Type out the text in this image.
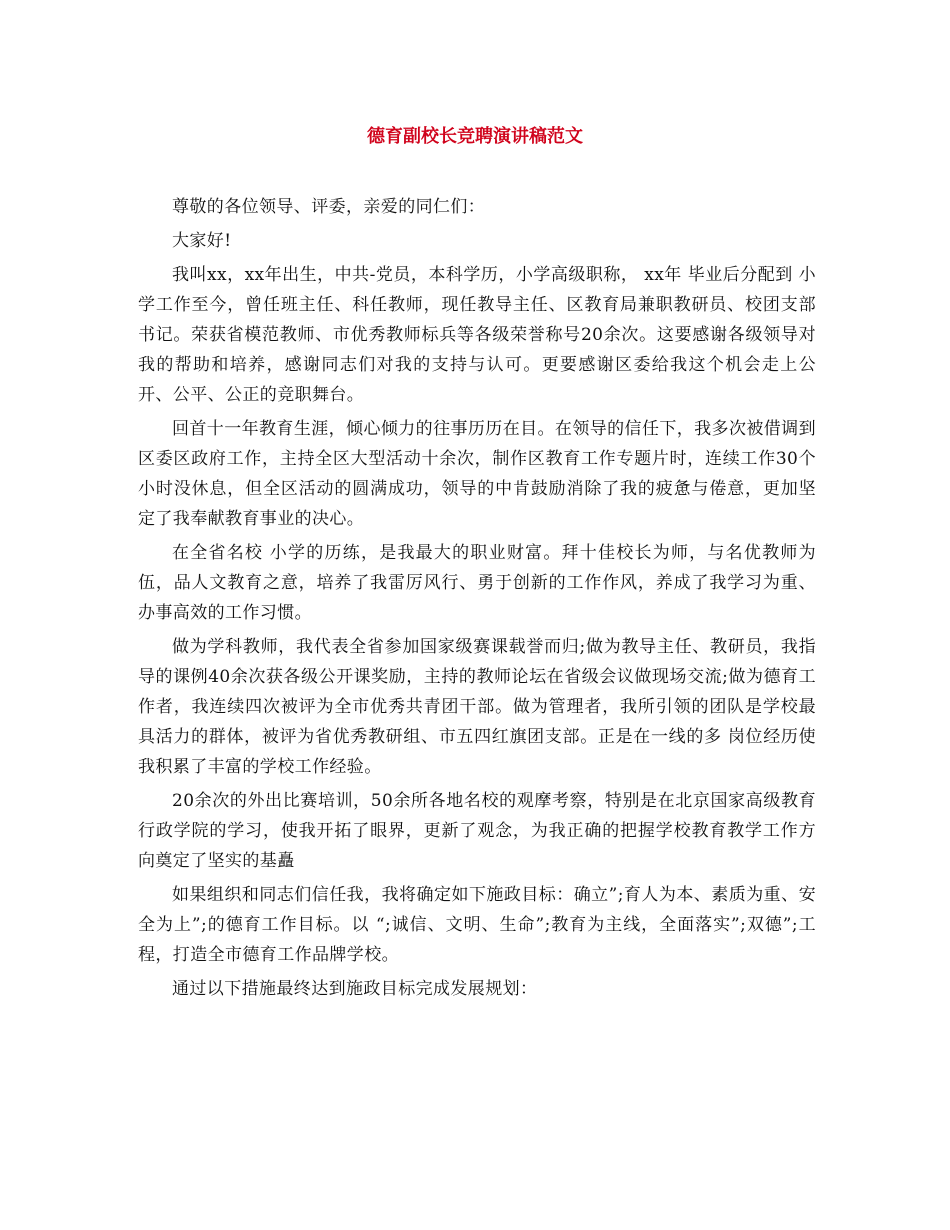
德育副校长竞聘演讲稿范文

尊敬的各位领导、评委，亲爱的同仁们：

大家好!

我叫xx，xx年出生，中共-党员，本科学历，小学高级职称， xx年 毕业后分配到 小学工作至今，曾任班主任、科任教师，现任教导主任、区教育局兼职教研员、校团支部书记。荣获省模范教师、市优秀教师标兵等各级荣誉称号20余次。这要感谢各级领导对我的帮助和培养，感谢同志们对我的支持与认可。更要感谢区委给我这个机会走上公开、公平、公正的竞职舞台。

回首十一年教育生涯，倾心倾力的往事历历在目。在领导的信任下，我多次被借调到区委区政府工作，主持全区大型活动十余次，制作区教育工作专题片时，连续工作30个小时没休息，但全区活动的圆满成功，领导的中肯鼓励消除了我的疲惫与倦意，更加坚定了我奉献教育事业的决心。

在全省名校 小学的历练，是我最大的职业财富。拜十佳校长为师，与名优教师为伍，品人文教育之意，培养了我雷厉风行、勇于创新的工作作风，养成了我学习为重、办事高效的工作习惯。

做为学科教师，我代表全省参加国家级赛课载誉而归;做为教导主任、教研员，我指导的课例40余次获各级公开课奖励，主持的教师论坛在省级会议做现场交流;做为德育工作者，我连续四次被评为全市优秀共青团干部。做为管理者，我所引领的团队是学校最具活力的群体，被评为省优秀教研组、市五四红旗团支部。正是在一线的多 岗位经历使我积累了丰富的学校工作经验。

20余次的外出比赛培训，50余所各地名校的观摩考察，特别是在北京国家高级教育行政学院的学习，使我开拓了眼界，更新了观念，为我正确的把握学校教育教学工作方向奠定了坚实的基矗

如果组织和同志们信任我，我将确定如下施政目标：确立”;育人为本、素质为重、安全为上”;的德育工作目标。以 “;诚信、文明、生命”;教育为主线，全面落实”;双德”;工程，打造全市德育工作品牌学校。

通过以下措施最终达到施政目标完成发展规划：
